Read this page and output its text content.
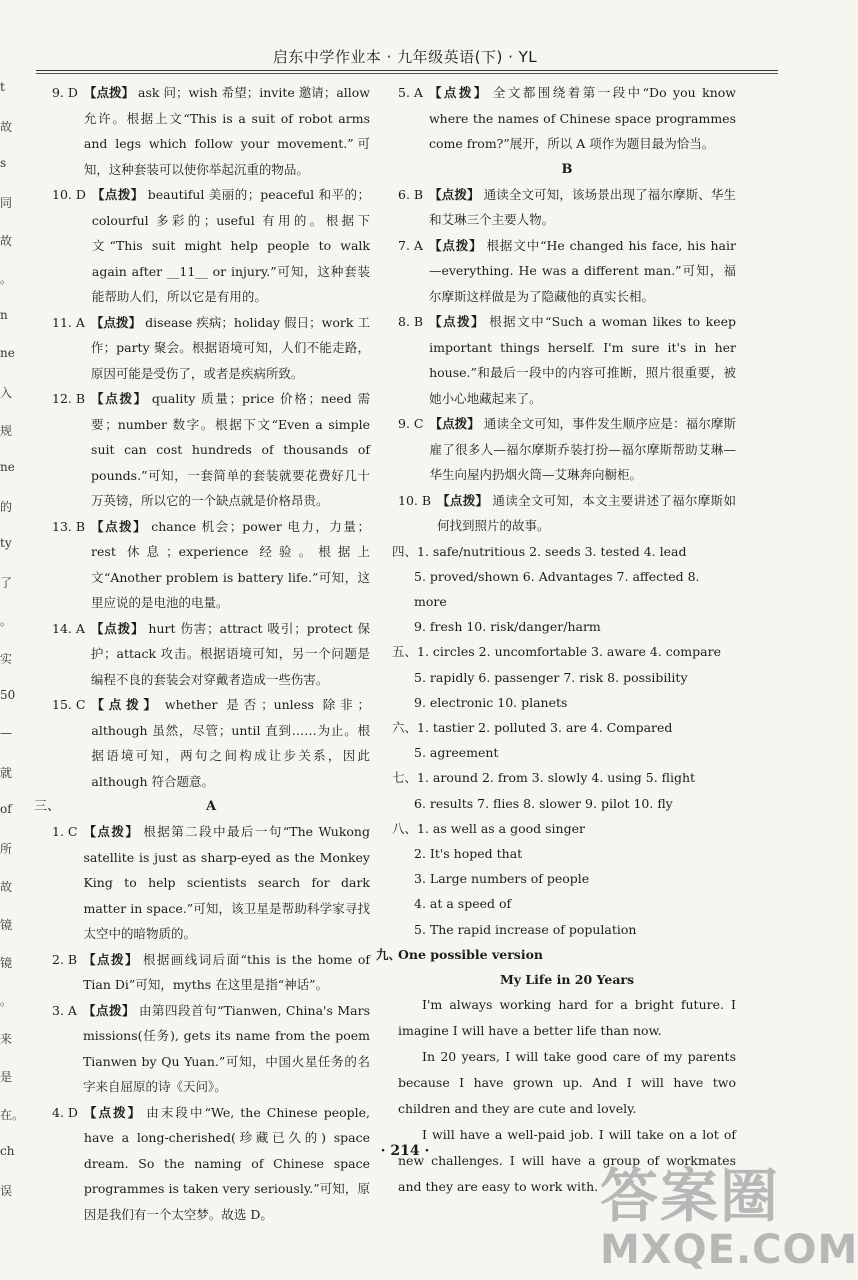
启东中学作业本 · 九年级英语(下) · YL
t
故
s
同
故
。
n
ne
入
规
ne
的
ty
了
。
实
50
—
就
of
所
故
镜
镜
。
来
是
在。
ch
误
9. D 【点拨】 ask 问；wish 希望；invite 邀请；allow 允许。根据上文“This is a suit of robot arms and legs which follow your movement.”可知，这种套装可以使你举起沉重的物品。
10. D 【点拨】 beautiful 美丽的；peaceful 和平的；colourful 多彩的；useful 有用的。根据下文“This suit might help people to walk again after __11__ or injury.”可知，这种套装能帮助人们，所以它是有用的。
11. A 【点拨】 disease 疾病；holiday 假日；work 工作；party 聚会。根据语境可知，人们不能走路，原因可能是受伤了，或者是疾病所致。
12. B 【点拨】 quality 质量；price 价格；need 需要；number 数字。根据下文“Even a simple suit can cost hundreds of thousands of pounds.”可知，一套简单的套装就要花费好几十万英镑，所以它的一个缺点就是价格昂贵。
13. B 【点拨】 chance 机会；power 电力，力量；rest 休息；experience 经验。根据上文“Another problem is battery life.”可知，这里应说的是电池的电量。
14. A 【点拨】 hurt 伤害；attract 吸引；protect 保护；attack 攻击。根据语境可知，另一个问题是编程不良的套装会对穿戴者造成一些伤害。
15. C 【点拨】 whether 是否；unless 除非；although 虽然，尽管；until 直到……为止。根据语境可知，两句之间构成让步关系，因此 although 符合题意。
三、	A
1. C 【点拨】 根据第二段中最后一句“The Wukong satellite is just as sharp-eyed as the Monkey King to help scientists search for dark matter in space.”可知，该卫星是帮助科学家寻找太空中的暗物质的。
2. B 【点拨】 根据画线词后面“this is the home of Tian Di”可知，myths 在这里是指“神话”。
3. A 【点拨】 由第四段首句“Tianwen, China's Mars missions(任务), gets its name from the poem Tianwen by Qu Yuan.”可知，中国火星任务的名字来自屈原的诗《天问》。
4. D 【点拨】 由末段中“We, the Chinese people, have a long-cherished(珍藏已久的) space dream. So the naming of Chinese space programmes is taken very seriously.”可知，原因是我们有一个太空梦。故选 D。
5. A 【点拨】 全文都围绕着第一段中“Do you know where the names of Chinese space programmes come from?”展开，所以 A 项作为题目最为恰当。
B
6. B 【点拨】 通读全文可知，该场景出现了福尔摩斯、华生和艾琳三个主要人物。
7. A 【点拨】 根据文中“He changed his face, his hair—everything. He was a different man.”可知，福尔摩斯这样做是为了隐藏他的真实长相。
8. B 【点拨】 根据文中“Such a woman likes to keep important things herself. I'm sure it's in her house.”和最后一段中的内容可推断，照片很重要，被她小心地藏起来了。
9. C 【点拨】 通读全文可知，事件发生顺序应是：福尔摩斯雇了很多人—福尔摩斯乔装打扮—福尔摩斯帮助艾琳—华生向屋内扔烟火筒—艾琳奔向橱柜。
10. B 【点拨】 通读全文可知，本文主要讲述了福尔摩斯如何找到照片的故事。
四、1. safe/nutritious 2. seeds 3. tested 4. lead
5. proved/shown 6. Advantages 7. affected 8. more
9. fresh 10. risk/danger/harm
五、1. circles 2. uncomfortable 3. aware 4. compare
5. rapidly 6. passenger 7. risk 8. possibility
9. electronic 10. planets
六、1. tastier 2. polluted 3. are 4. Compared
5. agreement
七、1. around 2. from 3. slowly 4. using 5. flight
6. results 7. flies 8. slower 9. pilot 10. fly
八、1. as well as a good singer
2. It's hoped that
3. Large numbers of people
4. at a speed of
5. The rapid increase of population
九、
One possible version
My Life in 20 Years
I'm always working hard for a bright future. I imagine I will have a better life than now.
In 20 years, I will take good care of my parents because I have grown up. And I will have two children and they are cute and lovely.
I will have a well-paid job. I will take on a lot of new challenges. I will have a group of workmates and they are easy to work with.
· 214 ·
答案圈
MXQE.COM
